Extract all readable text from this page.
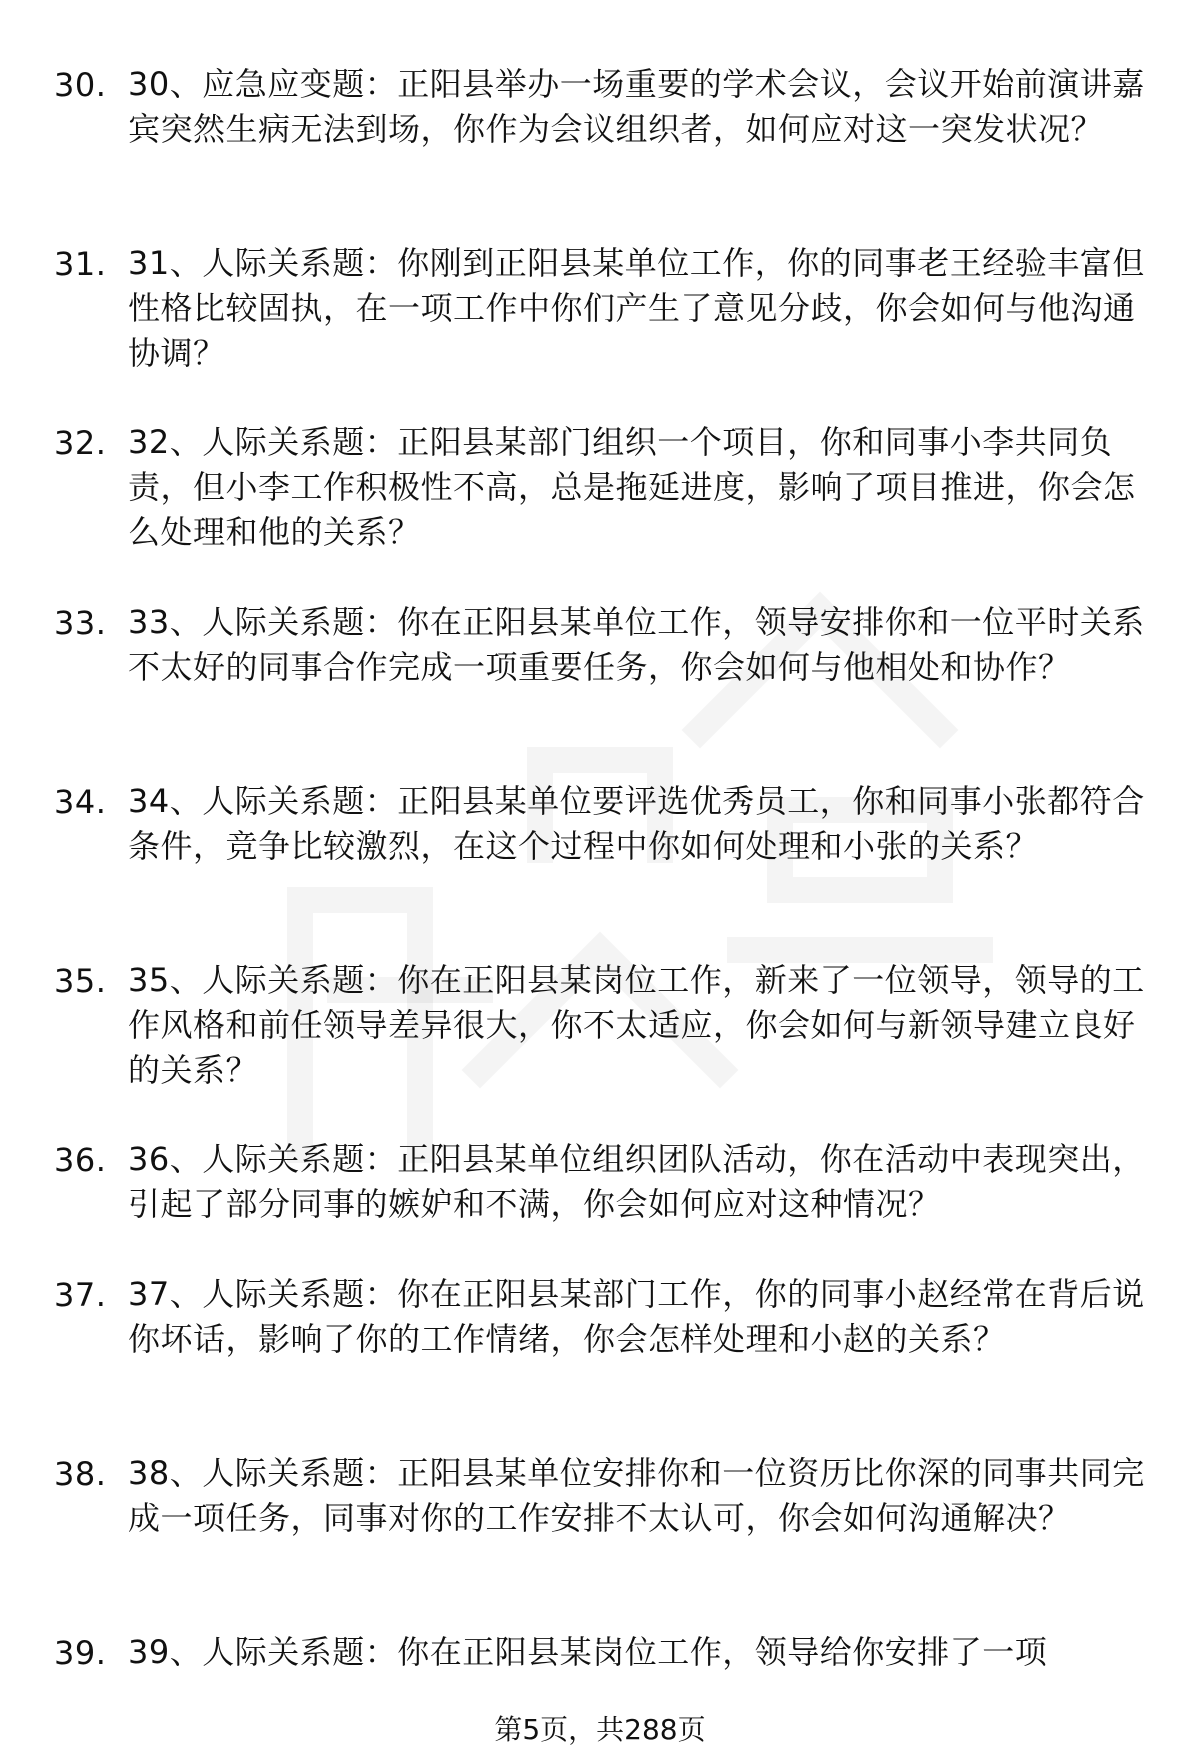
30. 30、应急应变题：正阳县举办一场重要的学术会议，会议开始前演讲嘉宾突然生病无法到场，你作为会议组织者，如何应对这一突发状况？
31. 31、人际关系题：你刚到正阳县某单位工作，你的同事老王经验丰富但性格比较固执，在一项工作中你们产生了意见分歧，你会如何与他沟通协调？
32. 32、人际关系题：正阳县某部门组织一个项目，你和同事小李共同负责，但小李工作积极性不高，总是拖延进度，影响了项目推进，你会怎么处理和他的关系？
33. 33、人际关系题：你在正阳县某单位工作，领导安排你和一位平时关系不太好的同事合作完成一项重要任务，你会如何与他相处和协作？
34. 34、人际关系题：正阳县某单位要评选优秀员工，你和同事小张都符合条件，竞争比较激烈，在这个过程中你如何处理和小张的关系？
35. 35、人际关系题：你在正阳县某岗位工作，新来了一位领导，领导的工作风格和前任领导差异很大，你不太适应，你会如何与新领导建立良好的关系？
36. 36、人际关系题：正阳县某单位组织团队活动，你在活动中表现突出，引起了部分同事的嫉妒和不满，你会如何应对这种情况？
37. 37、人际关系题：你在正阳县某部门工作，你的同事小赵经常在背后说你坏话，影响了你的工作情绪，你会怎样处理和小赵的关系？
38. 38、人际关系题：正阳县某单位安排你和一位资历比你深的同事共同完成一项任务，同事对你的工作安排不太认可，你会如何沟通解决？
39. 39、人际关系题：你在正阳县某岗位工作，领导给你安排了一项
第5页，共288页
